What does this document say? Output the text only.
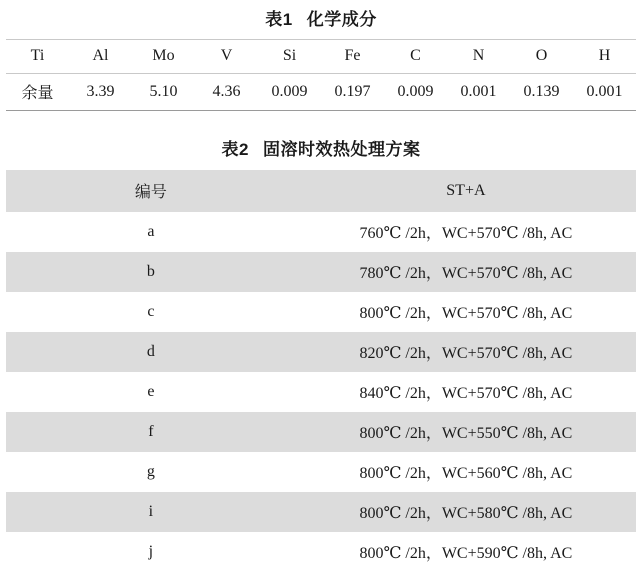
表1 化学成分
Ti	Al	Mo	V	Si	Fe	C	N	O	H
余量	3.39	5.10	4.36	0.009	0.197	0.009	0.001	0.139	0.001
表2 固溶时效热处理方案
编号	ST+A
a	760℃ /2h，WC+570℃ /8h, AC
b	780℃ /2h，WC+570℃ /8h, AC
c	800℃ /2h，WC+570℃ /8h, AC
d	820℃ /2h，WC+570℃ /8h, AC
e	840℃ /2h，WC+570℃ /8h, AC
f	800℃ /2h，WC+550℃ /8h, AC
g	800℃ /2h，WC+560℃ /8h, AC
i	800℃ /2h，WC+580℃ /8h, AC
j	800℃ /2h，WC+590℃ /8h, AC
